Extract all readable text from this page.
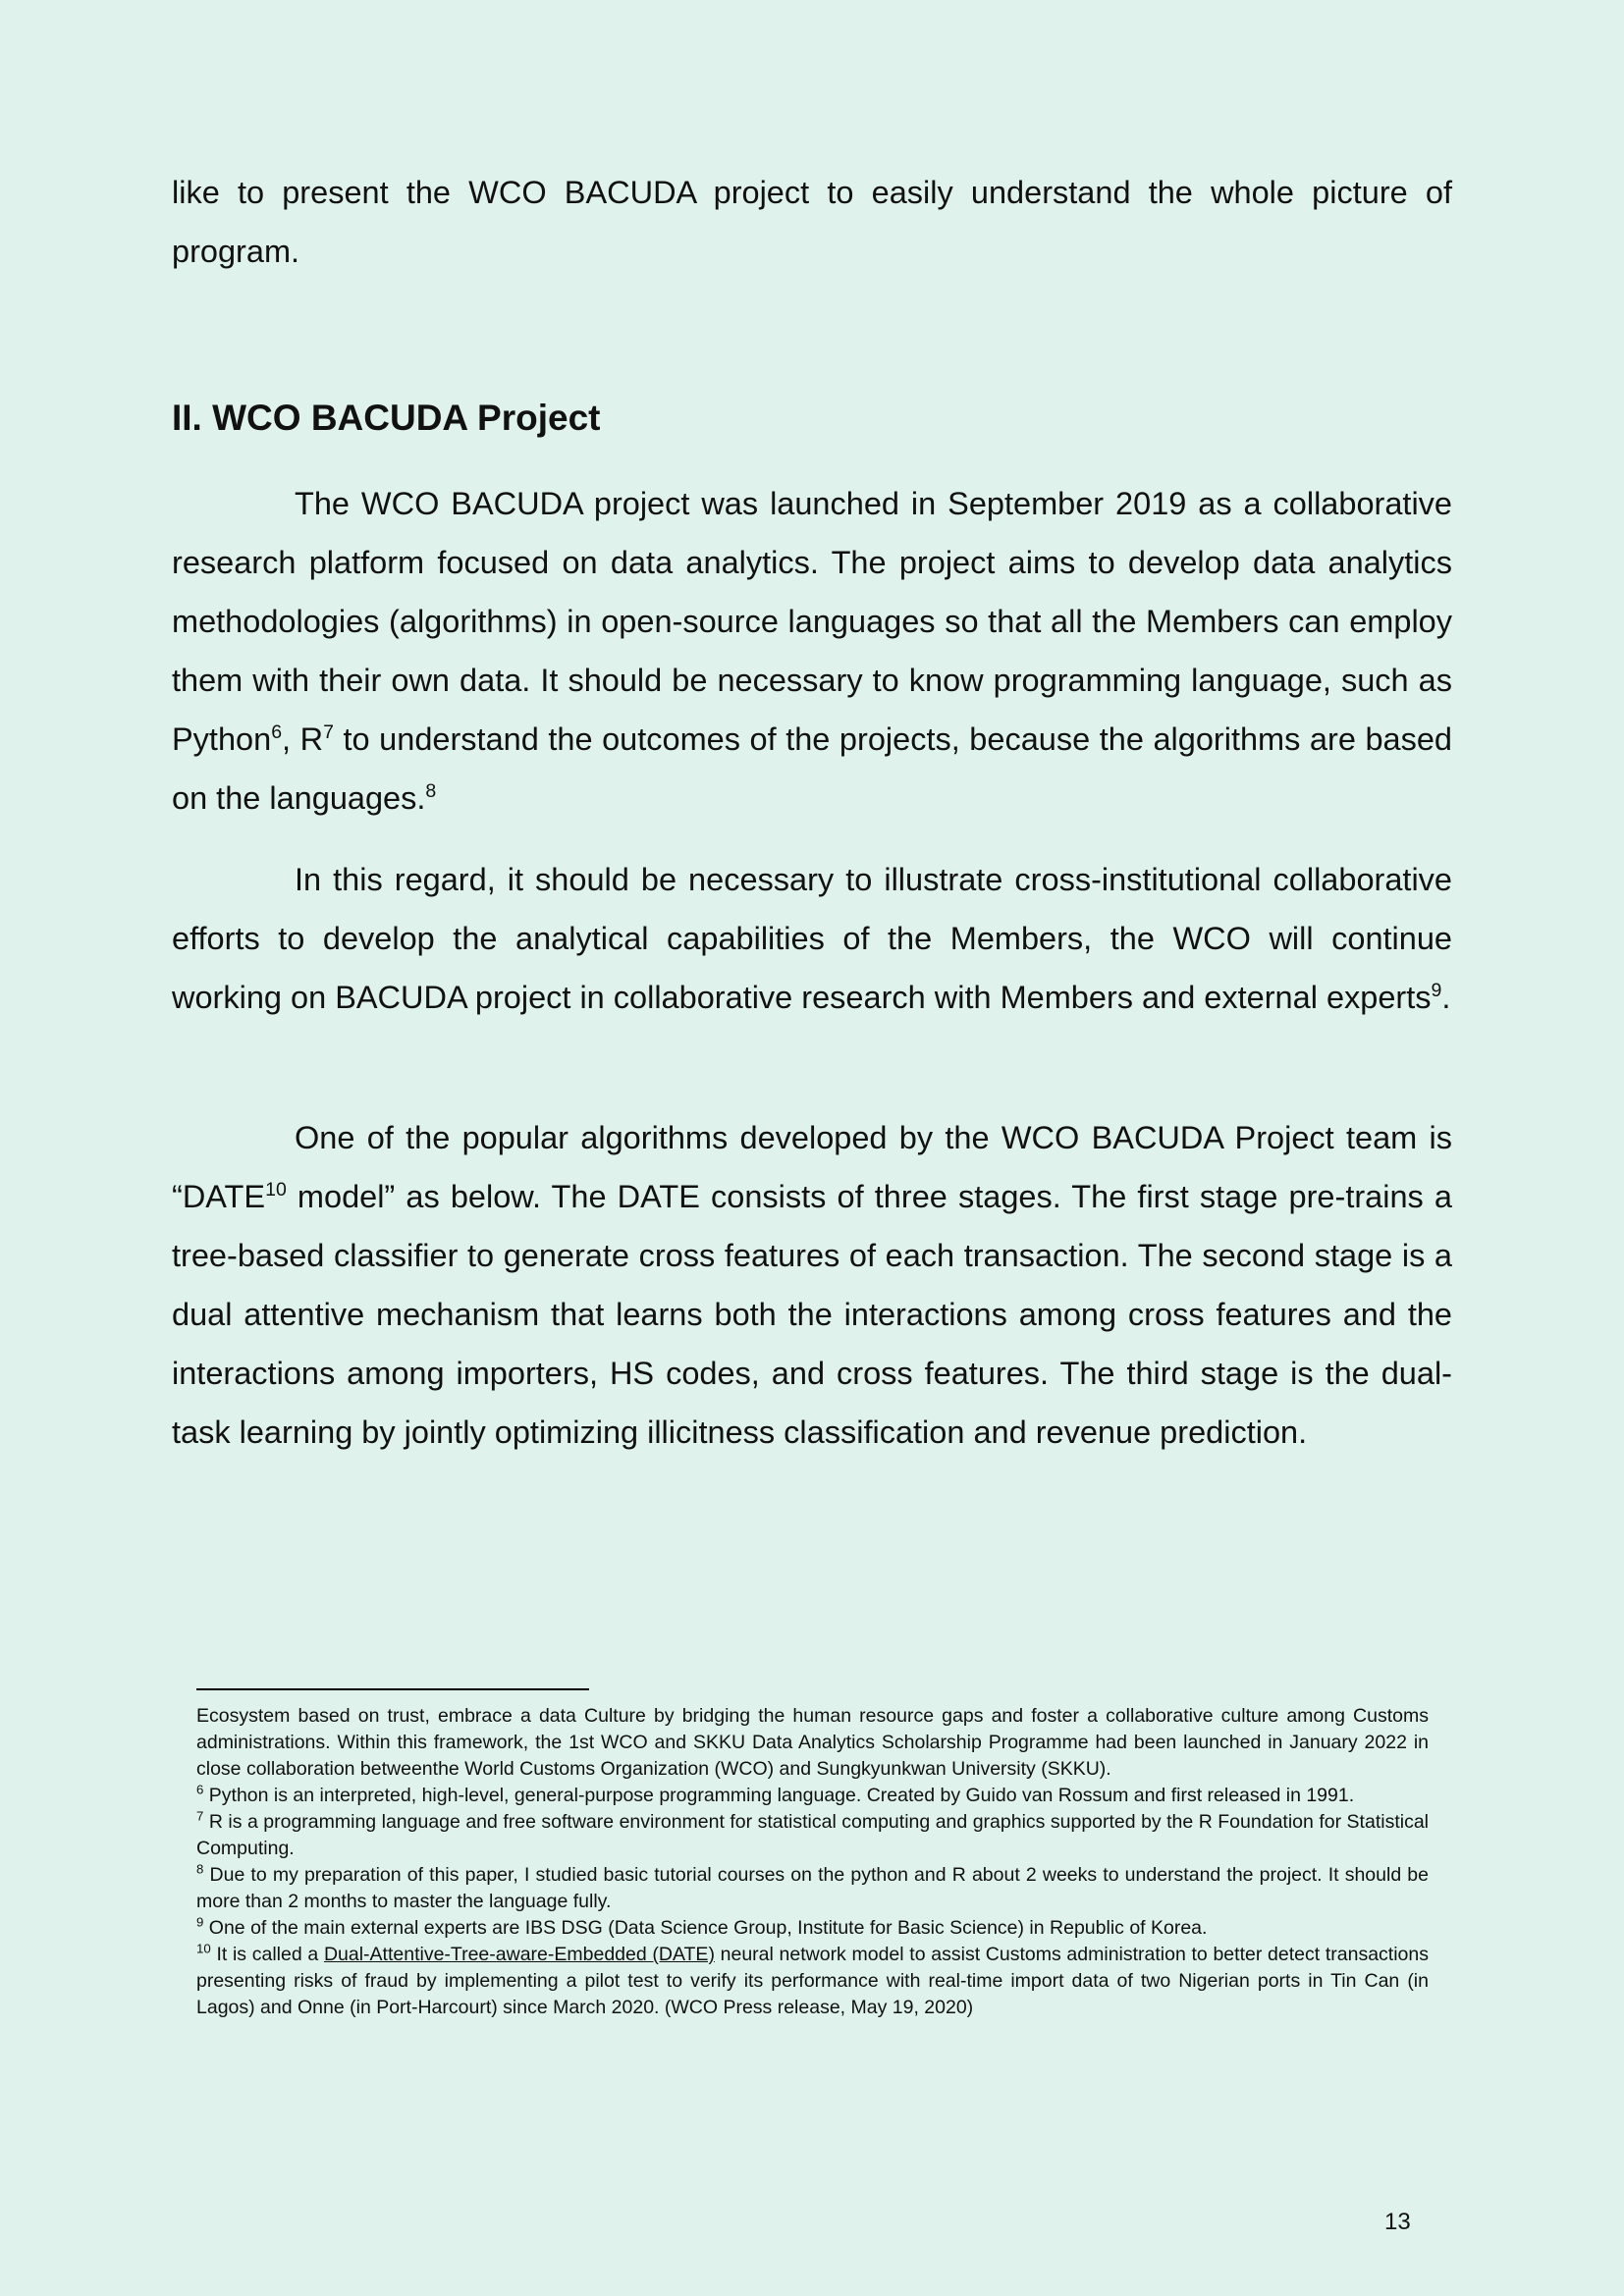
like to present the WCO BACUDA project to easily understand the whole picture of program.

II. WCO BACUDA Project

The WCO BACUDA project was launched in September 2019 as a collaborative research platform focused on data analytics. The project aims to develop data analytics methodologies (algorithms) in open-source languages so that all the Members can employ them with their own data. It should be necessary to know programming language, such as Python$^6$, $R^7$ to understand the outcomes of the projects, because the algorithms are based on the languages.$^8$

In this regard, it should be necessary to illustrate cross-institutional collaborative efforts to develop the analytical capabilities of the Members, the WCO will continue working on BACUDA project in collaborative research with Members and external experts$^9$.

One of the popular algorithms developed by the WCO BACUDA Project team is “DATE$^{10}$ model” as below. The DATE consists of three stages. The first stage pre-trains a tree-based classifier to generate cross features of each transaction. The second stage is a dual attentive mechanism that learns both the interactions among cross features and the interactions among importers, HS codes, and cross features. The third stage is the dual-task learning by jointly optimizing illicitness classification and revenue prediction.

Ecosystem based on trust, embrace a data Culture by bridging the human resource gaps and foster a collaborative culture among Customs administrations. Within this framework, the 1st WCO and SKKU Data Analytics Scholarship Programme had been launched in January 2022 in close collaboration betweenthe World Customs Organization (WCO) and Sungkyunkwan University (SKKU).

$^6$ Python is an interpreted, high-level, general-purpose programming language. Created by Guido van Rossum and first released in 1991.

$^7$ R is a programming language and free software environment for statistical computing and graphics supported by the R Foundation for Statistical Computing.

$^8$ Due to my preparation of this paper, I studied basic tutorial courses on the python and R about 2 weeks to understand the project. It should be more than 2 months to master the language fully.

$^9$ One of the main external experts are IBS DSG (Data Science Group, Institute for Basic Science) in Republic of Korea.

$^{10}$ It is called a Dual-Attentive-Tree-aware-Embedded (DATE) neural network model to assist Customs administration to better detect transactions presenting risks of fraud by implementing a pilot test to verify its performance with real-time import data of two Nigerian ports in Tin Can (in Lagos) and Onne (in Port-Harcourt) since March 2020. (WCO Press release, May 19, 2020)

13
